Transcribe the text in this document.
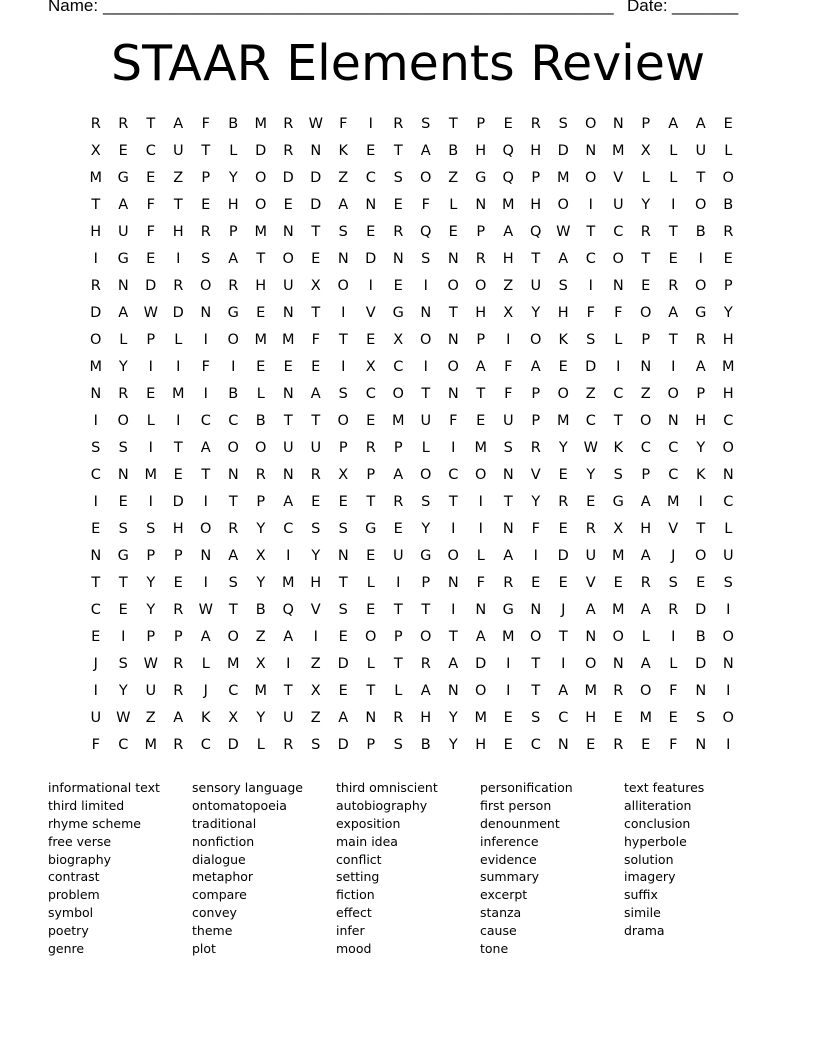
Name: ______________________________________________________ Date: _______
STAAR Elements Review
R	R	T	A	F	B	M	R	W	F	I	R	S	T	P	E	R	S	O	N	P	A	A	E
X	E	C	U	T	L	D	R	N	K	E	T	A	B	H	Q	H	D	N	M	X	L	U	L
M	G	E	Z	P	Y	O	D	D	Z	C	S	O	Z	G	Q	P	M	O	V	L	L	T	O
T	A	F	T	E	H	O	E	D	A	N	E	F	L	N	M	H	O	I	U	Y	I	O	B
H	U	F	H	R	P	M	N	T	S	E	R	Q	E	P	A	Q	W	T	C	R	T	B	R
I	G	E	I	S	A	T	O	E	N	D	N	S	N	R	H	T	A	C	O	T	E	I	E
R	N	D	R	O	R	H	U	X	O	I	E	I	O	O	Z	U	S	I	N	E	R	O	P
D	A	W	D	N	G	E	N	T	I	V	G	N	T	H	X	Y	H	F	F	O	A	G	Y
O	L	P	L	I	O	M	M	F	T	E	X	O	N	P	I	O	K	S	L	P	T	R	H
M	Y	I	I	F	I	E	E	E	I	X	C	I	O	A	F	A	E	D	I	N	I	A	M
N	R	E	M	I	B	L	N	A	S	C	O	T	N	T	F	P	O	Z	C	Z	O	P	H
I	O	L	I	C	C	B	T	T	O	E	M	U	F	E	U	P	M	C	T	O	N	H	C
S	S	I	T	A	O	O	U	U	P	R	P	L	I	M	S	R	Y	W	K	C	C	Y	O
C	N	M	E	T	N	R	N	R	X	P	A	O	C	O	N	V	E	Y	S	P	C	K	N
I	E	I	D	I	T	P	A	E	E	T	R	S	T	I	T	Y	R	E	G	A	M	I	C
E	S	S	H	O	R	Y	C	S	S	G	E	Y	I	I	N	F	E	R	X	H	V	T	L
N	G	P	P	N	A	X	I	Y	N	E	U	G	O	L	A	I	D	U	M	A	J	O	U
T	T	Y	E	I	S	Y	M	H	T	L	I	P	N	F	R	E	E	V	E	R	S	E	S
C	E	Y	R	W	T	B	Q	V	S	E	T	T	I	N	G	N	J	A	M	A	R	D	I
E	I	P	P	A	O	Z	A	I	E	O	P	O	T	A	M	O	T	N	O	L	I	B	O
J	S	W	R	L	M	X	I	Z	D	L	T	R	A	D	I	T	I	O	N	A	L	D	N
I	Y	U	R	J	C	M	T	X	E	T	L	A	N	O	I	T	A	M	R	O	F	N	I
U	W	Z	A	K	X	Y	U	Z	A	N	R	H	Y	M	E	S	C	H	E	M	E	S	O
F	C	M	R	C	D	L	R	S	D	P	S	B	Y	H	E	C	N	E	R	E	F	N	I
informational text
third limited
rhyme scheme
free verse
biography
contrast
problem
symbol
poetry
genre
sensory language
ontomatopoeia
traditional
nonfiction
dialogue
metaphor
compare
convey
theme
plot
third omniscient
autobiography
exposition
main idea
conflict
setting
fiction
effect
infer
mood
personification
first person
denounment
inference
evidence
summary
excerpt
stanza
cause
tone
text features
alliteration
conclusion
hyperbole
solution
imagery
suffix
simile
drama
